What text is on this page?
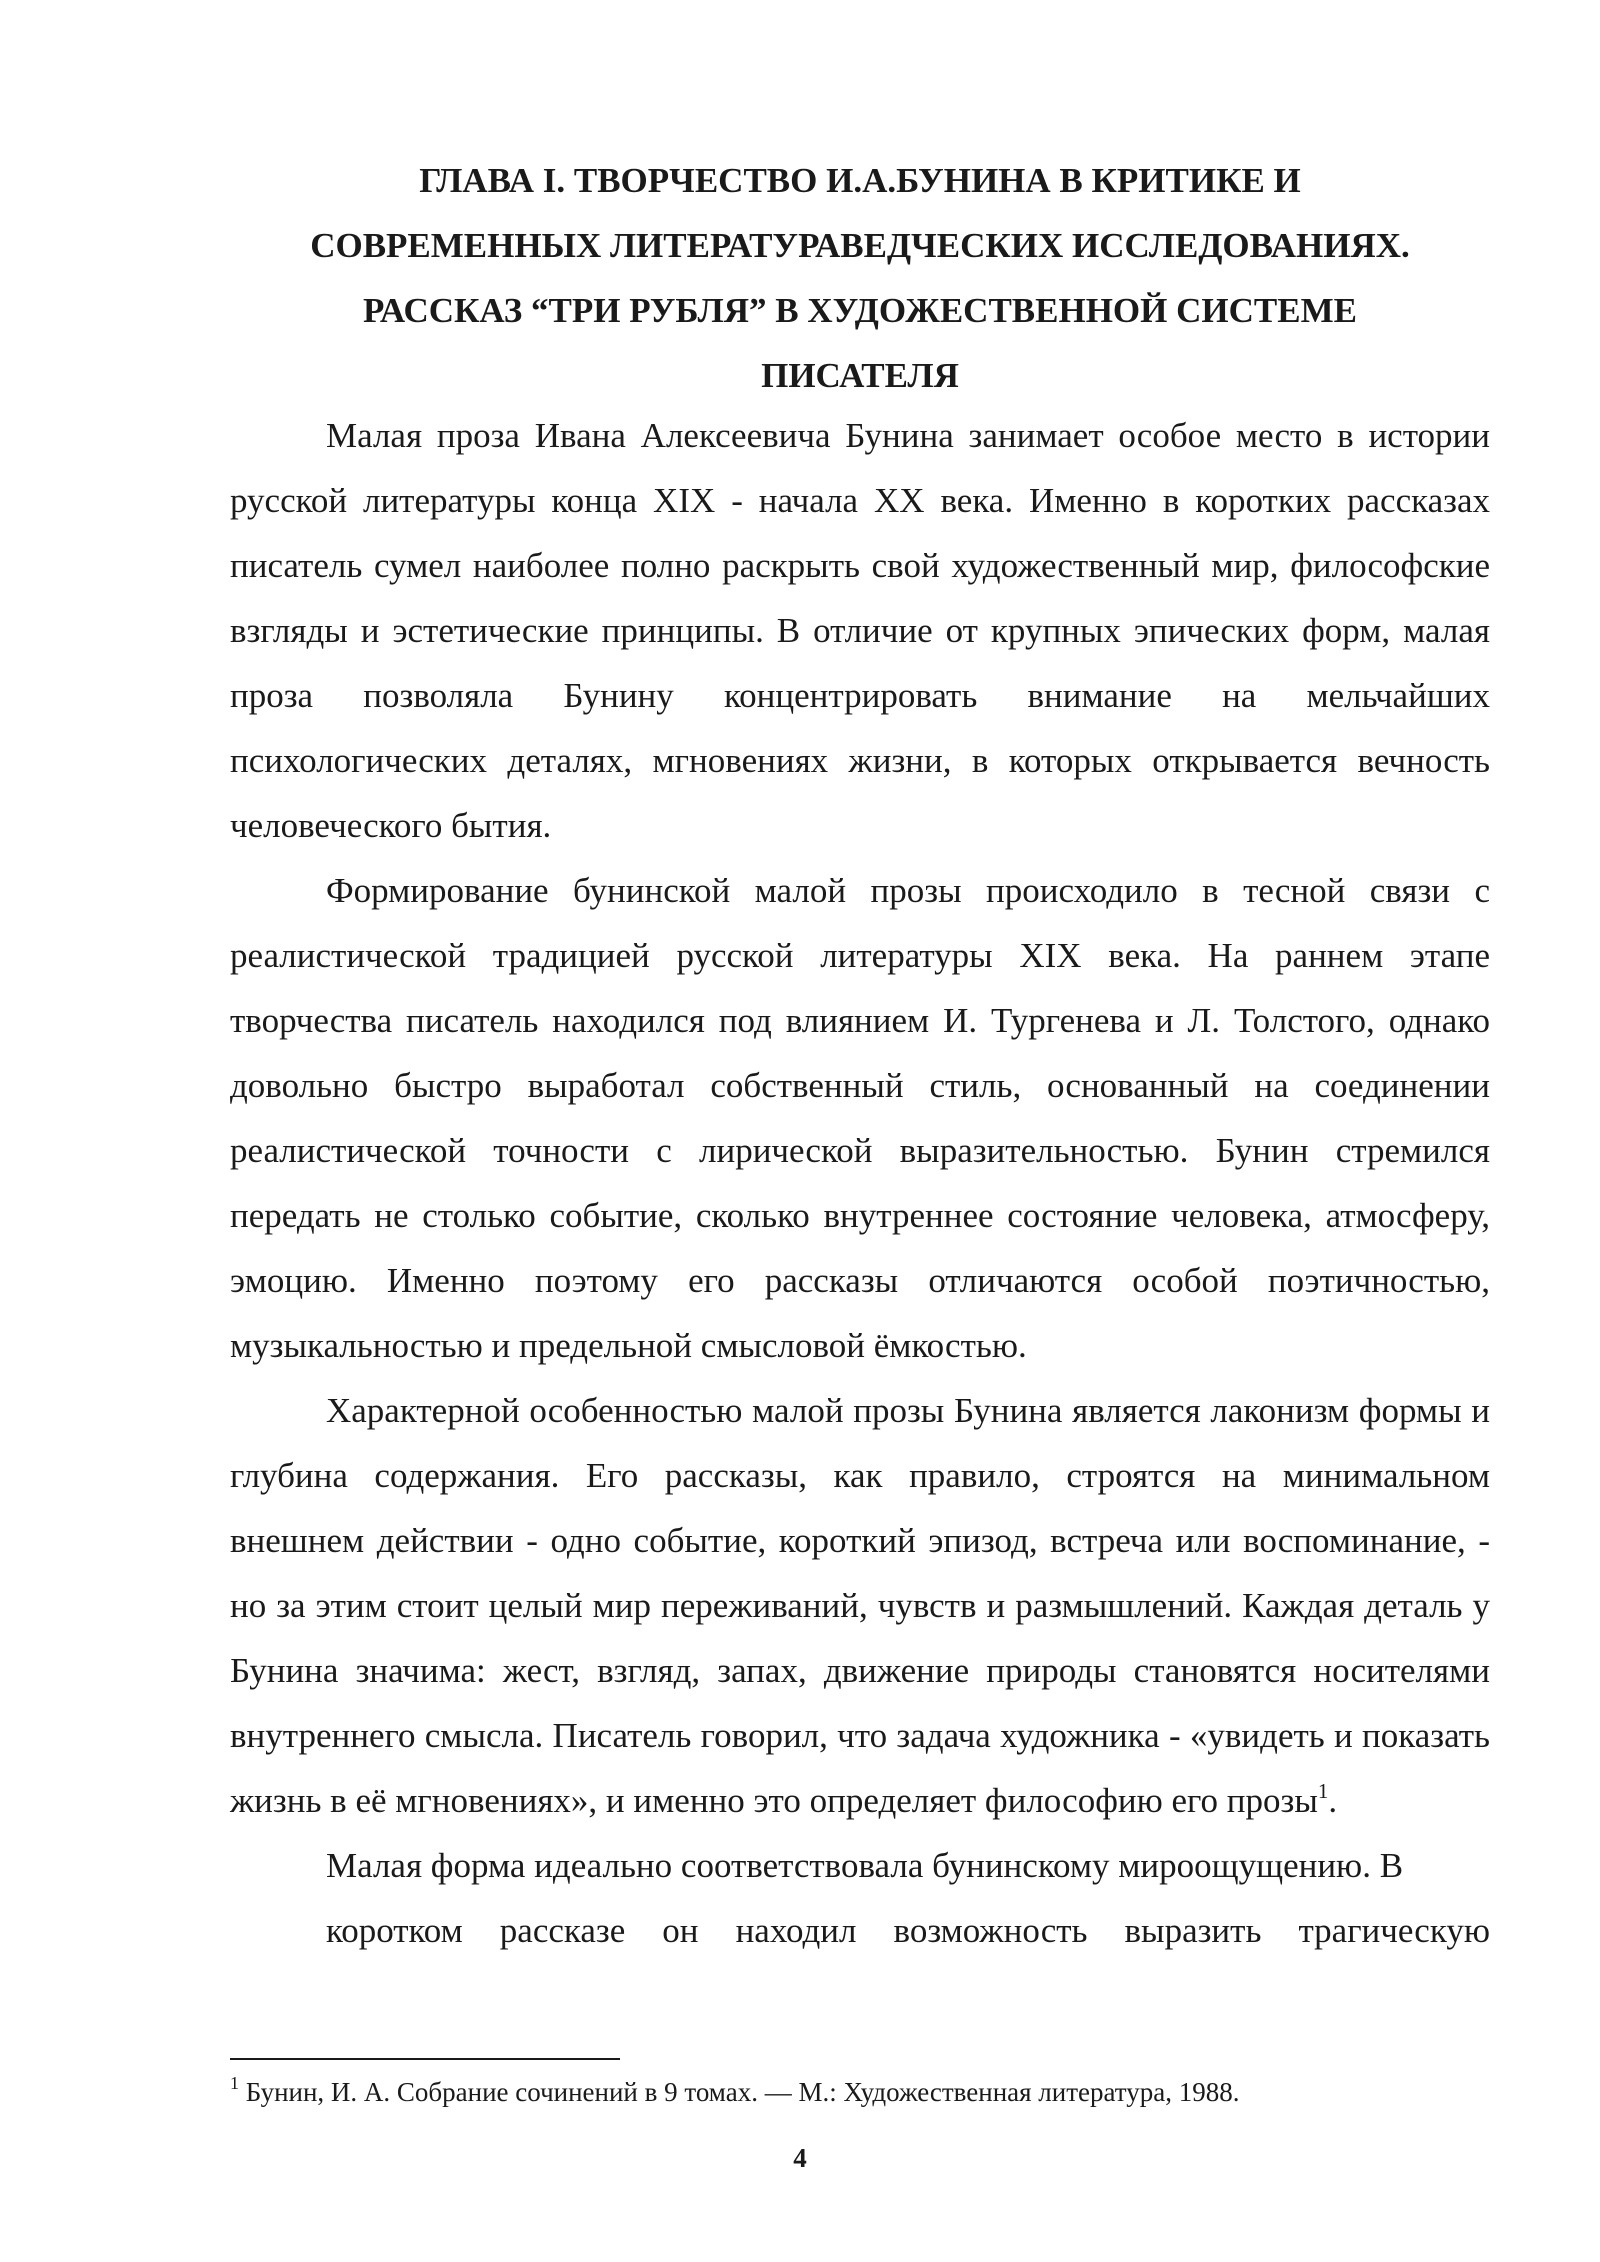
ГЛАВА I. ТВОРЧЕСТВО И.А.БУНИНА В КРИТИКЕ И
СОВРЕМЕННЫХ ЛИТЕРАТУРАВЕДЧЕСКИХ ИССЛЕДОВАНИЯХ.
РАССКАЗ “ТРИ РУБЛЯ” В ХУДОЖЕСТВЕННОЙ СИСТЕМЕ
ПИСАТЕЛЯ

Малая проза Ивана Алексеевича Бунина занимает особое место в истории русской литературы конца XIX - начала XX века. Именно в коротких рассказах писатель сумел наиболее полно раскрыть свой художественный мир, философские взгляды и эстетические принципы. В отличие от крупных эпических форм, малая проза позволяла Бунину концентрировать внимание на мельчайших психологических деталях, мгновениях жизни, в которых открывается вечность человеческого бытия.

Формирование бунинской малой прозы происходило в тесной связи с реалистической традицией русской литературы XIX века. На раннем этапе творчества писатель находился под влиянием И. Тургенева и Л. Толстого, однако довольно быстро выработал собственный стиль, основанный на соединении реалистической точности с лирической выразительностью. Бунин стремился передать не столько событие, сколько внутреннее состояние человека, атмосферу, эмоцию. Именно поэтому его рассказы отличаются особой поэтичностью, музыкальностью и предельной смысловой ёмкостью.

Характерной особенностью малой прозы Бунина является лаконизм формы и глубина содержания. Его рассказы, как правило, строятся на минимальном внешнем действии - одно событие, короткий эпизод, встреча или воспоминание, - но за этим стоит целый мир переживаний, чувств и размышлений. Каждая деталь у Бунина значима: жест, взгляд, запах, движение природы становятся носителями внутреннего смысла. Писатель говорил, что задача художника - «увидеть и показать жизнь в её мгновениях», и именно это определяет философию его прозы$^1$.

Малая форма идеально соответствовала бунинскому мироощущению. В
коротком рассказе он находил возможность выразить трагическую

$^1$ Бунин, И. А. Собрание сочинений в 9 томах. — М.: Художественная литература, 1988.
4
